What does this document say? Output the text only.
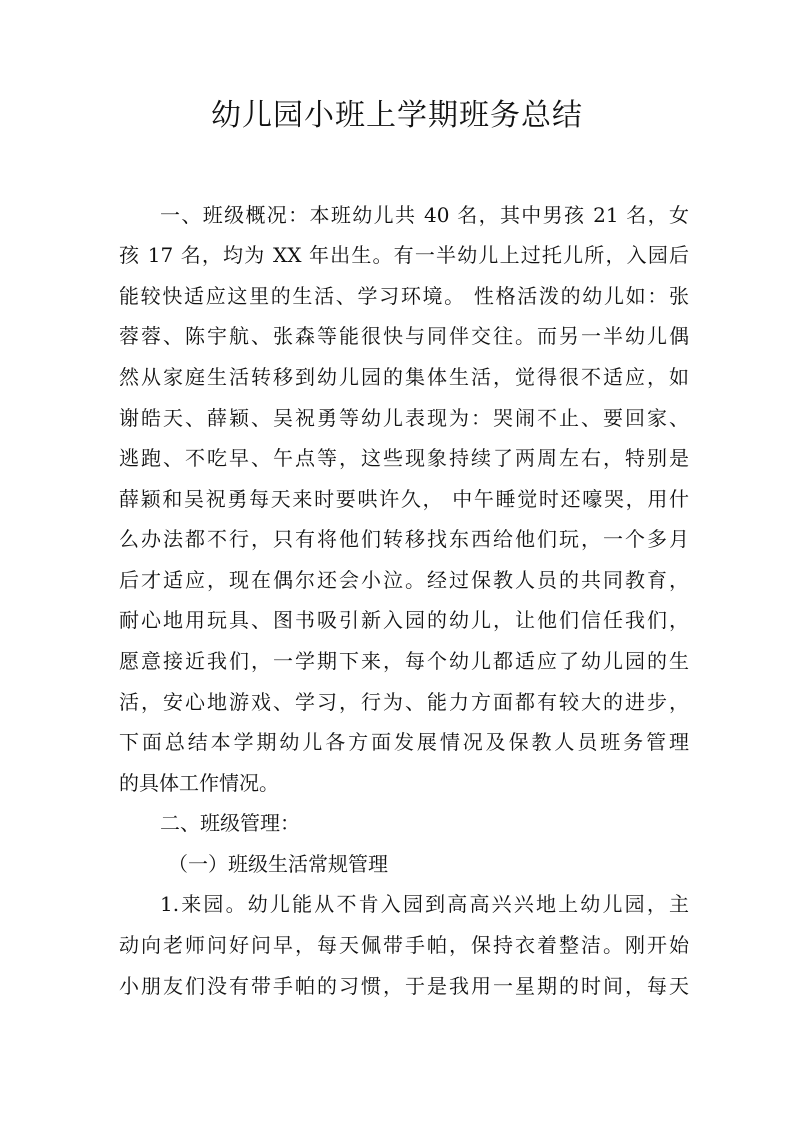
幼儿园小班上学期班务总结
一、班级概况：本班幼儿共 40 名，其中男孩 21 名，女
孩 17 名，均为 XX 年出生。有一半幼儿上过托儿所，入园后
能较快适应这里的生活、学习环境。 性格活泼的幼儿如：张
蓉蓉、陈宇航、张森等能很快与同伴交往。而另一半幼儿偶
然从家庭生活转移到幼儿园的集体生活，觉得很不适应，如
谢皓天、薛颖、吴祝勇等幼儿表现为：哭闹不止、要回家、
逃跑、不吃早、午点等，这些现象持续了两周左右，特别是
薛颖和吴祝勇每天来时要哄许久， 中午睡觉时还嚎哭，用什
么办法都不行，只有将他们转移找东西给他们玩，一个多月
后才适应，现在偶尔还会小泣。经过保教人员的共同教育，
耐心地用玩具、图书吸引新入园的幼儿，让他们信任我们，
愿意接近我们，一学期下来，每个幼儿都适应了幼儿园的生
活，安心地游戏、学习，行为、能力方面都有较大的进步，
下面总结本学期幼儿各方面发展情况及保教人员班务管理
的具体工作情况。
二、班级管理：
（一）班级生活常规管理
1.来园。幼儿能从不肯入园到高高兴兴地上幼儿园，主
动向老师问好问早，每天佩带手帕，保持衣着整洁。刚开始
小朋友们没有带手帕的习惯，于是我用一星期的时间，每天
